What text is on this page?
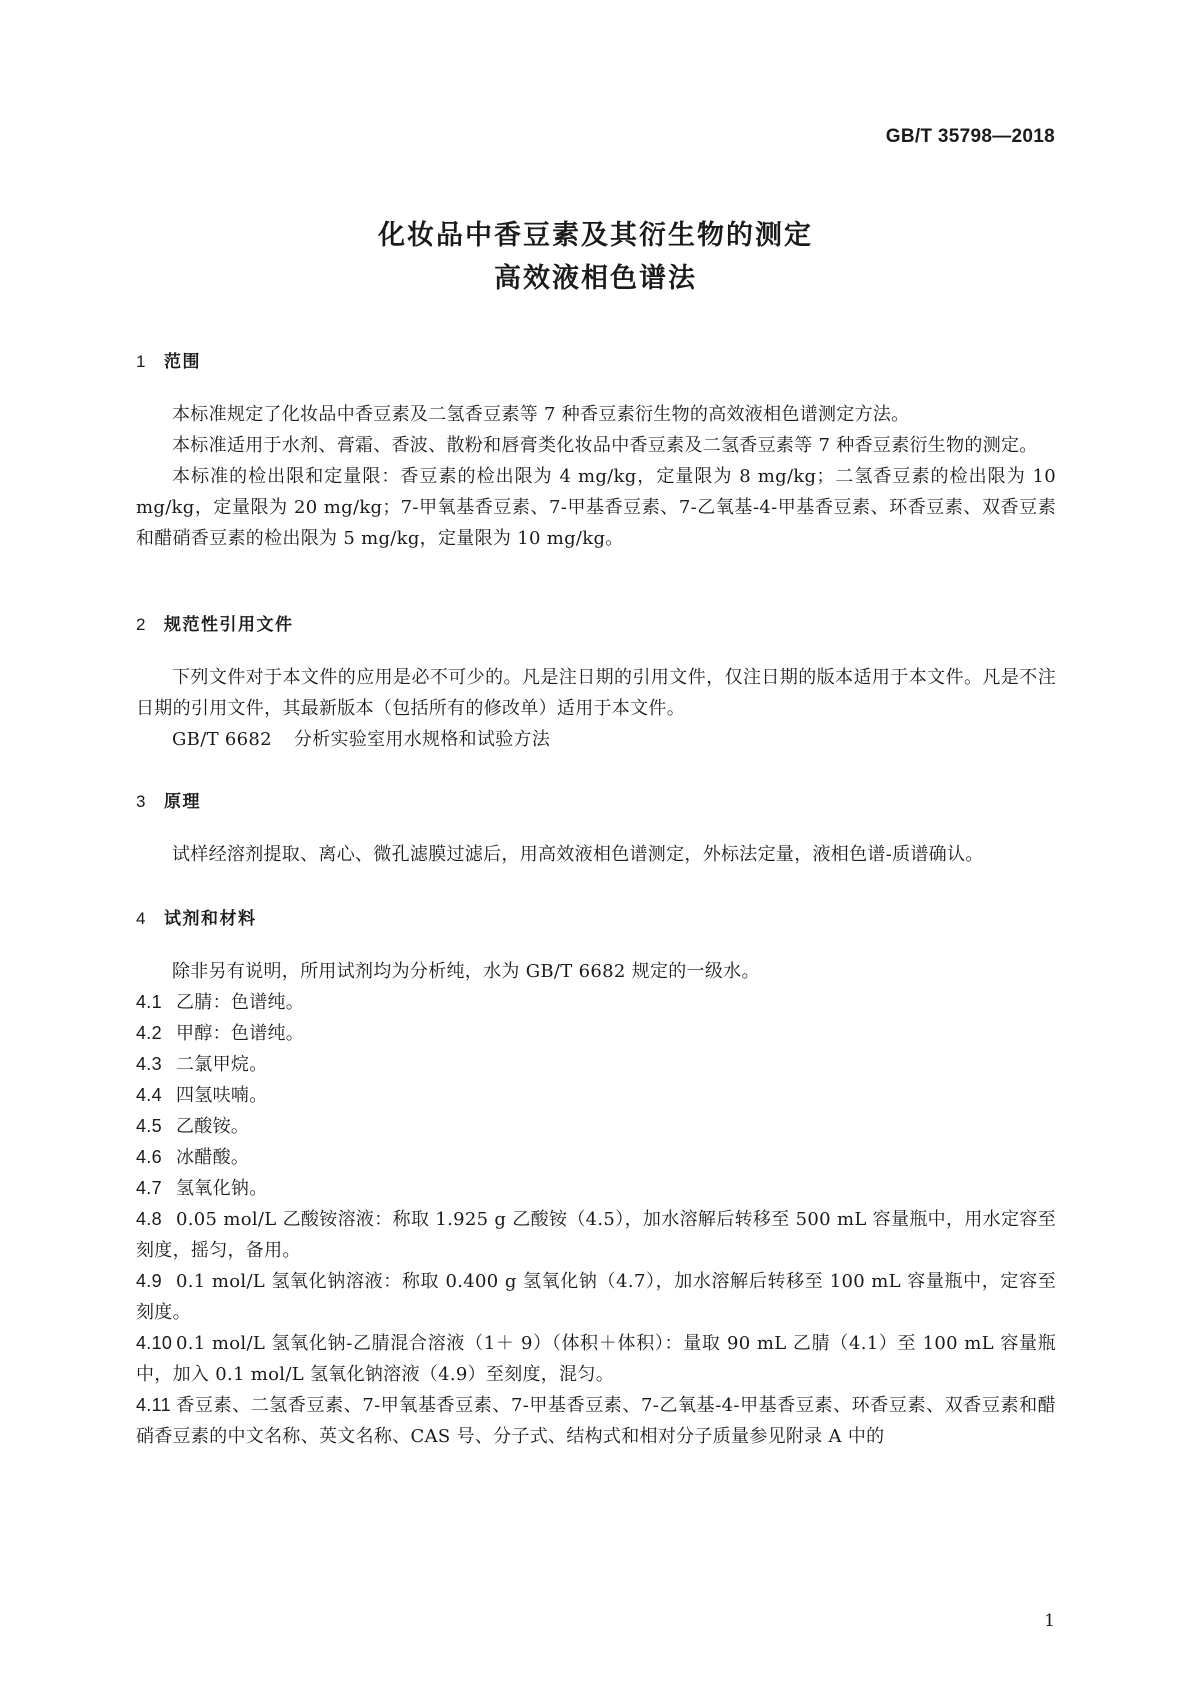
GB/T 35798—2018
化妆品中香豆素及其衍生物的测定
高效液相色谱法
1 范围

本标准规定了化妆品中香豆素及二氢香豆素等 7 种香豆素衍生物的高效液相色谱测定方法。

本标准适用于水剂、膏霜、香波、散粉和唇膏类化妆品中香豆素及二氢香豆素等 7 种香豆素衍生物的测定。

本标准的检出限和定量限：香豆素的检出限为 4 mg/kg，定量限为 8 mg/kg；二氢香豆素的检出限为 10 mg/kg，定量限为 20 mg/kg；7-甲氧基香豆素、7-甲基香豆素、7-乙氧基-4-甲基香豆素、环香豆素、双香豆素和醋硝香豆素的检出限为 5 mg/kg，定量限为 10 mg/kg。

2 规范性引用文件

下列文件对于本文件的应用是必不可少的。凡是注日期的引用文件，仅注日期的版本适用于本文件。凡是不注日期的引用文件，其最新版本（包括所有的修改单）适用于本文件。

GB/T 6682 分析实验室用水规格和试验方法

3 原理

试样经溶剂提取、离心、微孔滤膜过滤后，用高效液相色谱测定，外标法定量，液相色谱-质谱确认。

4 试剂和材料

除非另有说明，所用试剂均为分析纯，水为 GB/T 6682 规定的一级水。

4.1 乙腈：色谱纯。

4.2 甲醇：色谱纯。

4.3 二氯甲烷。

4.4 四氢呋喃。

4.5 乙酸铵。

4.6 冰醋酸。

4.7 氢氧化钠。

4.8 0.05 mol/L 乙酸铵溶液：称取 1.925 g 乙酸铵（4.5），加水溶解后转移至 500 mL 容量瓶中，用水定容至刻度，摇匀，备用。

4.9 0.1 mol/L 氢氧化钠溶液：称取 0.400 g 氢氧化钠（4.7），加水溶解后转移至 100 mL 容量瓶中，定容至刻度。

4.10 0.1 mol/L 氢氧化钠-乙腈混合溶液（1＋ 9）（体积＋体积）：量取 90 mL 乙腈（4.1）至 100 mL 容量瓶中，加入 0.1 mol/L 氢氧化钠溶液（4.9）至刻度，混匀。

4.11 香豆素、二氢香豆素、7-甲氧基香豆素、7-甲基香豆素、7-乙氧基-4-甲基香豆素、环香豆素、双香豆素和醋硝香豆素的中文名称、英文名称、CAS 号、分子式、结构式和相对分子质量参见附录 A 中的

1
